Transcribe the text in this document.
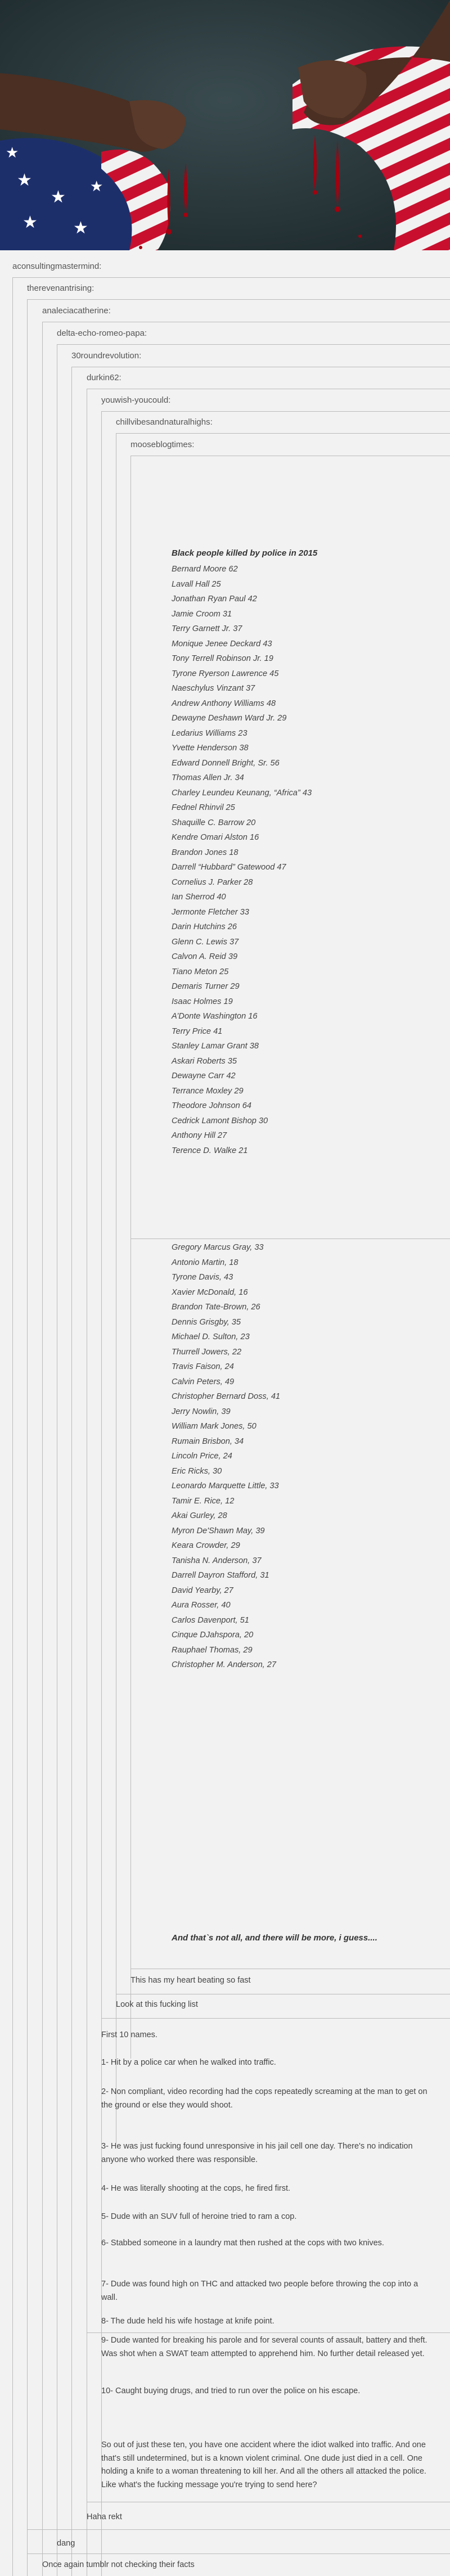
★
★
★ ★
★
★
aconsultingmastermind:
therevenantrising:
analeciacatherine:
delta-echo-romeo-papa:
30roundrevolution:
durkin62:
youwish-youcould:
chillvibesandnaturalhighs:
mooseblogtimes:
Black people killed by police in 2015
Bernard Moore 62
Lavall Hall 25
Jonathan Ryan Paul 42
Jamie Croom 31
Terry Garnett Jr. 37
Monique Jenee Deckard 43
Tony Terrell Robinson Jr. 19
Tyrone Ryerson Lawrence 45
Naeschylus Vinzant 37
Andrew Anthony Williams 48
Dewayne Deshawn Ward Jr. 29
Ledarius Williams 23
Yvette Henderson 38
Edward Donnell Bright, Sr. 56
Thomas Allen Jr. 34
Charley Leundeu Keunang, “Africa” 43
Fednel Rhinvil 25
Shaquille C. Barrow 20
Kendre Omari Alston 16
Brandon Jones 18
Darrell “Hubbard” Gatewood 47
Cornelius J. Parker 28
Ian Sherrod 40
Jermonte Fletcher 33
Darin Hutchins 26
Glenn C. Lewis 37
Calvon A. Reid 39
Tiano Meton 25
Demaris Turner 29
Isaac Holmes 19
A’Donte Washington 16
Terry Price 41
Stanley Lamar Grant 38
Askari Roberts 35
Dewayne Carr 42
Terrance Moxley 29
Theodore Johnson 64
Cedrick Lamont Bishop 30
Anthony Hill 27
Terence D. Walke 21
Gregory Marcus Gray, 33
Antonio Martin, 18
Tyrone Davis, 43
Xavier McDonald, 16
Brandon Tate-Brown, 26
Dennis Grisgby, 35
Michael D. Sulton, 23
Thurrell Jowers, 22
Travis Faison, 24
Calvin Peters, 49
Christopher Bernard Doss, 41
Jerry Nowlin, 39
William Mark Jones, 50
Rumain Brisbon, 34
Lincoln Price, 24
Eric Ricks, 30
Leonardo Marquette Little, 33
Tamir E. Rice, 12
Akai Gurley, 28
Myron De'Shawn May, 39
Keara Crowder, 29
Tanisha N. Anderson, 37
Darrell Dayron Stafford, 31
David Yearby, 27
Aura Rosser, 40
Carlos Davenport, 51
Cinque DJahspora, 20
Rauphael Thomas, 29
Christopher M. Anderson, 27
And that`s not all, and there will be more, i guess....
This has my heart beating so fast
Look at this fucking list
First 10 names.
1- Hit by a police car when he walked into traffic.
2- Non compliant, video recording had the cops repeatedly screaming at the man to get on the ground or else they would shoot.
3- He was just fucking found unresponsive in his jail cell one day. There's no indication anyone who worked there was responsible.
4- He was literally shooting at the cops, he fired first.
5- Dude with an SUV full of heroine tried to ram a cop.
6- Stabbed someone in a laundry mat then rushed at the cops with two knives.
7- Dude was found high on THC and attacked two people before throwing the cop into a wall.
8- The dude held his wife hostage at knife point.
9- Dude wanted for breaking his parole and for several counts of assault, battery and theft. Was shot when a SWAT team attempted to apprehend him. No further detail released yet.
10- Caught buying drugs, and tried to run over the police on his escape.
So out of just these ten, you have one accident where the idiot walked into traffic. And one that's still undetermined, but is a known violent criminal. One dude just died in a cell. One holding a knife to a woman threatening to kill her. And all the others all attacked the police.
Like what's the fucking message you're trying to send here?
Haha rekt
dang
Once again tumblr not checking their facts
